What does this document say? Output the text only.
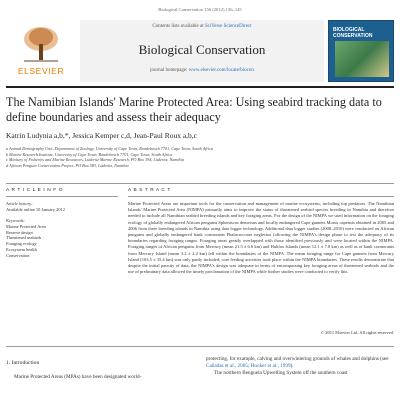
Biological Conservation 156 (2012) 136–145
ELSEVIER
Contents lists available at SciVerse ScienceDirect
Biological Conservation
journal homepage: www.elsevier.com/locate/biocon
BIOLOGICAL CONSERVATION
The Namibian Islands' Marine Protected Area: Using seabird tracking data to define boundaries and assess their adequacy
Katrin Ludynia a,b,*, Jessica Kemper c,d, Jean-Paul Roux a,b,c
a Animal Demography Unit, Department of Zoology, University of Cape Town, Rondebosch 7701, Cape Town, South Africa
b Marine Research Institute, University of Cape Town, Rondebosch 7701, Cape Town, South Africa
c Ministry of Fisheries and Marine Resources, Lüderitz Marine Research, PO Box 394, Lüderitz, Namibia
d African Penguin Conservation Project, PO Box 583, Lüderitz, Namibia
A R T I C L E I N F O	A B S T R A C T
Article history:
Available online 10 January 2012
Keywords:
Marine Protected Area
Reserve design
Threatened seabirds
Foraging ecology
Ecosystem health
Conservation
Marine Protected Areas are important tools for the conservation and management of marine ecosystems, including top predators. The Namibian Islands' Marine Protected Area (NIMPA) primarily aims to improve the status of threatened seabird species breeding in Namibia and therefore needed to include all Namibian seabird breeding islands and key foraging areas. For the design of the NIMPA we used information on the foraging ecology of globally endangered African penguins Spheniscus demersus and locally endangered Cape gannets Morus capensis obtained in 2005 and 2006 from three breeding islands in Namibia using data logger technology. Additional data logger studies (2008–2010) were conducted on African penguins and globally endangered bank cormorants Phalacrocorax neglectus following the NIMPA's design phase to test the adequacy of its boundaries regarding foraging ranges. Foraging areas greatly overlapped with those identified previously and were located within the NIMPA. Foraging ranges of African penguins from Mercury (mean 21.5 ± 6.6 km) and Halifax Islands (mean 12.1 ± 7.0 km) as well as of bank cormorants from Mercury Island (mean 3.2 ± 2.2 km) fell within the boundaries of the NIMPA. The mean foraging range for Cape gannets from Mercury Island (103.5 ± 35.4 km) was only partly included; core feeding activities took place within the NIMPA boundaries. These results demonstrate that despite the initial paucity of data, the NIMPA's design was adequate in terms of encompassing key foraging areas of threatened seabirds and the use of preliminary data allowed the timely proclamation of the NIMPA while further studies were conducted to verify this.
© 2011 Elsevier Ltd. All rights reserved.
1. Introduction
Marine Protected Areas (MPAs) have been designated world-
protecting, for example, calving and overwintering grounds of whales and dolphins (see Cañadas et al., 2005; Hooker et al., 1999).
The northern Benguela Upwelling System off the southern coast
